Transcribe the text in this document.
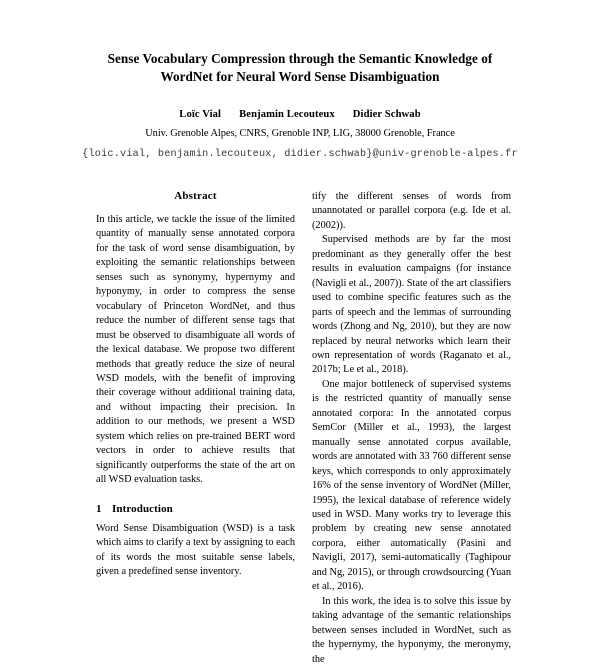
Sense Vocabulary Compression through the Semantic Knowledge of WordNet for Neural Word Sense Disambiguation
Loïc Vial Benjamin Lecouteux Didier Schwab
Univ. Grenoble Alpes, CNRS, Grenoble INP, LIG, 38000 Grenoble, France
{loic.vial, benjamin.lecouteux, didier.schwab}@univ-grenoble-alpes.fr
Abstract

In this article, we tackle the issue of the limited quantity of manually sense annotated corpora for the task of word sense disambiguation, by exploiting the semantic relationships between senses such as synonymy, hypernymy and hyponymy, in order to compress the sense vocabulary of Princeton WordNet, and thus reduce the number of different sense tags that must be observed to disambiguate all words of the lexical database. We propose two different methods that greatly reduce the size of neural WSD models, with the benefit of improving their coverage without additional training data, and without impacting their precision. In addition to our methods, we present a WSD system which relies on pre-trained BERT word vectors in order to achieve results that significantly outperforms the state of the art on all WSD evaluation tasks.

1 Introduction

Word Sense Disambiguation (WSD) is a task which aims to clarify a text by assigning to each of its words the most suitable sense labels, given a predefined sense inventory.

tify the different senses of words from unannotated or parallel corpora (e.g. Ide et al. (2002)).

Supervised methods are by far the most predominant as they generally offer the best results in evaluation campaigns (for instance (Navigli et al., 2007)). State of the art classifiers used to combine specific features such as the parts of speech and the lemmas of surrounding words (Zhong and Ng, 2010), but they are now replaced by neural networks which learn their own representation of words (Raganato et al., 2017b; Le et al., 2018).

One major bottleneck of supervised systems is the restricted quantity of manually sense annotated corpora: In the annotated corpus SemCor (Miller et al., 1993), the largest manually sense annotated corpus available, words are annotated with 33 760 different sense keys, which corresponds to only approximately 16% of the sense inventory of WordNet (Miller, 1995), the lexical database of reference widely used in WSD. Many works try to leverage this problem by creating new sense annotated corpora, either automatically (Pasini and Navigli, 2017), semi-automatically (Taghipour and Ng, 2015), or through crowdsourcing (Yuan et al., 2016).

In this work, the idea is to solve this issue by taking advantage of the semantic relationships between senses included in WordNet, such as the hypernymy, the hyponymy, the meronymy, the
